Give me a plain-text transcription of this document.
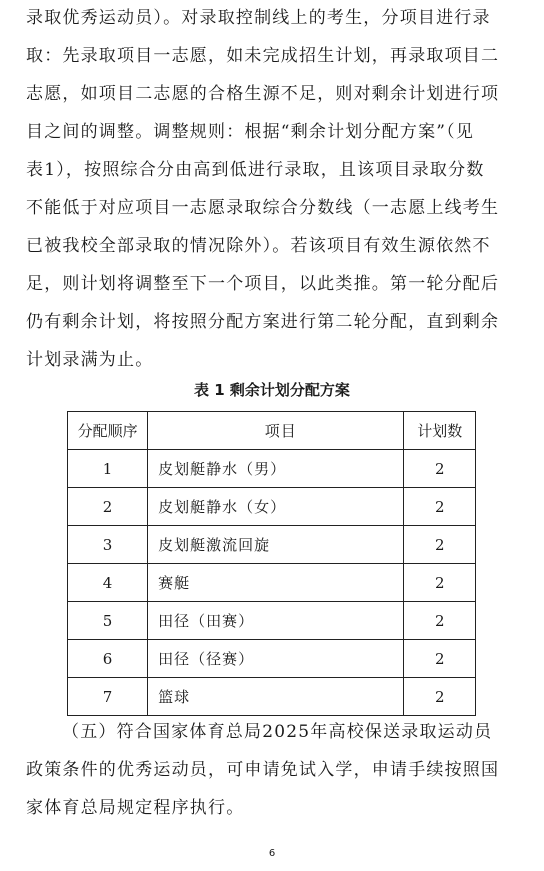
录取优秀运动员）。对录取控制线上的考生，分项目进行录
取：先录取项目一志愿，如未完成招生计划，再录取项目二
志愿，如项目二志愿的合格生源不足，则对剩余计划进行项
目之间的调整。调整规则：根据“剩余计划分配方案”（见
表1），按照综合分由高到低进行录取，且该项目录取分数
不能低于对应项目一志愿录取综合分数线（一志愿上线考生
已被我校全部录取的情况除外）。若该项目有效生源依然不
足，则计划将调整至下一个项目，以此类推。第一轮分配后
仍有剩余计划，将按照分配方案进行第二轮分配，直到剩余
计划录满为止。
表 1 剩余计划分配方案
分配顺序	项目	计划数
1	皮划艇静水（男）	2
2	皮划艇静水（女）	2
3	皮划艇激流回旋	2
4	赛艇	2
5	田径（田赛）	2
6	田径（径赛）	2
7	篮球	2
（五）符合国家体育总局2025年高校保送录取运动员
政策条件的优秀运动员，可申请免试入学，申请手续按照国
家体育总局规定程序执行。
6
